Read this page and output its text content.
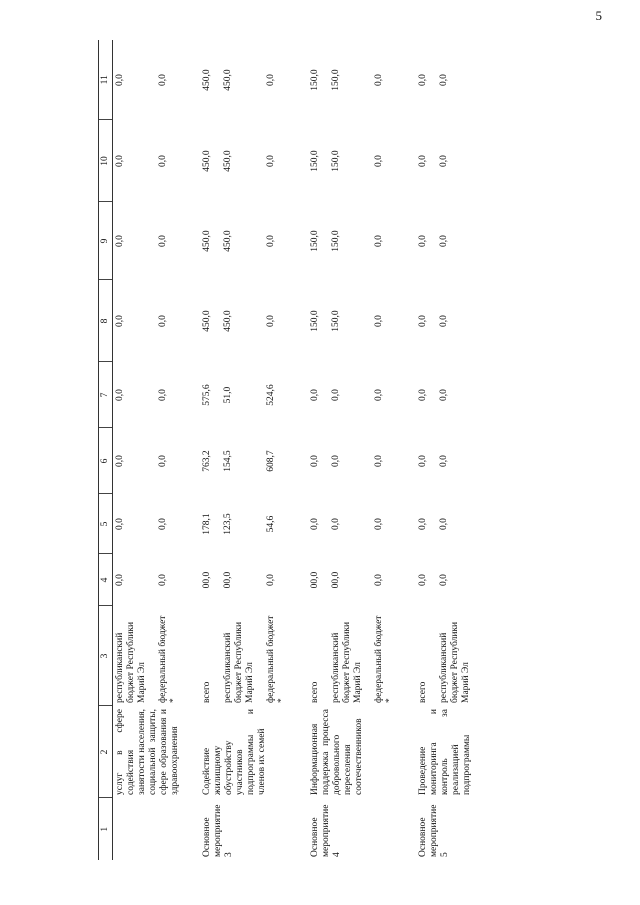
5
1	2	3	4	5	6	7	8	9	10	11
	услуг в сфере содействия занятости населения, социальной защиты, сфере образования и здравоохранения	республиканский бюджет Республики Марий Эл	0,0	0,0	0,0	0,0	0,0	0,0	0,0	0,0
		федеральный бюджет *	0,0	0,0	0,0	0,0	0,0	0,0	0,0	0,0

Основное мероприятие 3	Содействие жилищному обустройству участников подпрограммы и членов их семей	всего	00,0	178,1	763,2	575,6	450,0	450,0	450,0	450,0
		республиканский бюджет Республики Марий Эл	00,0	123,5	154,5	51,0	450,0	450,0	450,0	450,0
		федеральный бюджет *	0,0	54,6	608,7	524,6	0,0	0,0	0,0	0,0

Основное мероприятие 4	Информационная поддержка процесса добровольного переселения соотечественников	всего	00,0	0,0	0,0	0,0	150,0	150,0	150,0	150,0
		республиканский бюджет Республики Марий Эл	00,0	0,0	0,0	0,0	150,0	150,0	150,0	150,0
		федеральный бюджет *	0,0	0,0	0,0	0,0	0,0	0,0	0,0	0,0

Основное мероприятие 5	Проведение мониторинга и контроль за реализацией подпрограммы	всего	0,0	0,0	0,0	0,0	0,0	0,0	0,0	0,0
		республиканский бюджет Республики Марий Эл	0,0	0,0	0,0	0,0	0,0	0,0	0,0	0,0
